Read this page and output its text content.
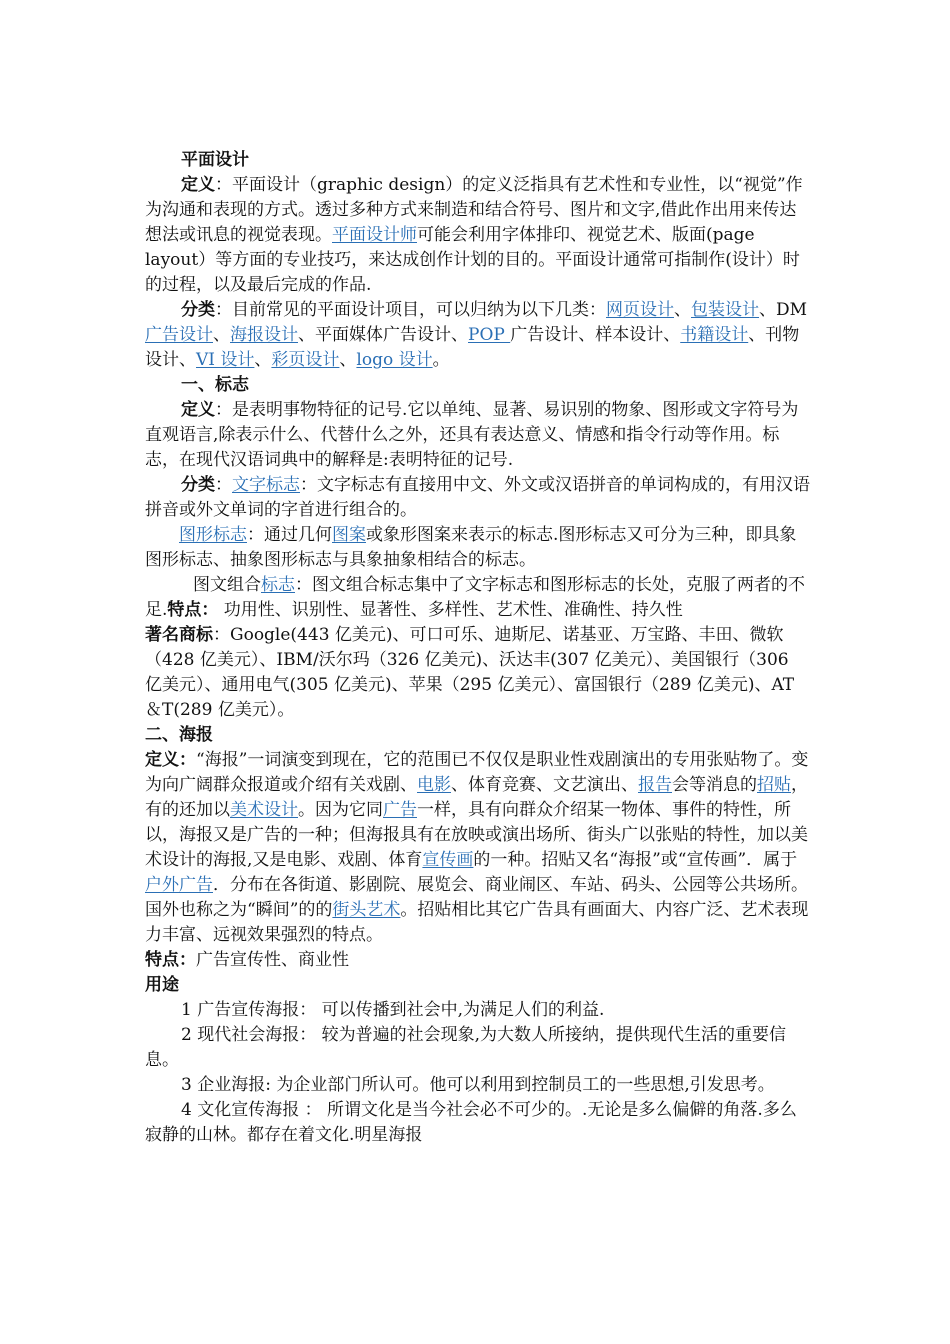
平面设计

定义：平面设计（graphic design）的定义泛指具有艺术性和专业性，以“视觉”作为沟通和表现的方式。透过多种方式来制造和结合符号、图片和文字,借此作出用来传达想法或讯息的视觉表现。平面设计师可能会利用字体排印、视觉艺术、版面(page layout）等方面的专业技巧，来达成创作计划的目的。平面设计通常可指制作(设计）时的过程，以及最后完成的作品.

分类：目前常见的平面设计项目，可以归纳为以下几类：网页设计、包装设计、DM 广告设计、海报设计、平面媒体广告设计、POP 广告设计、样本设计、书籍设计、刊物设计、VI 设计、彩页设计、logo 设计。

一、标志

定义：是表明事物特征的记号.它以单纯、显著、易识别的物象、图形或文字符号为直观语言,除表示什么、代替什么之外，还具有表达意义、情感和指令行动等作用。标志，在现代汉语词典中的解释是:表明特征的记号.

分类：文字标志：文字标志有直接用中文、外文或汉语拼音的单词构成的，有用汉语拼音或外文单词的字首进行组合的。

图形标志：通过几何图案或象形图案来表示的标志.图形标志又可分为三种，即具象图形标志、抽象图形标志与具象抽象相结合的标志。

图文组合标志：图文组合标志集中了文字标志和图形标志的长处，克服了两者的不足.特点： 功用性、识别性、显著性、多样性、艺术性、准确性、持久性

著名商标：Google(443 亿美元)、可口可乐、迪斯尼、诺基亚、万宝路、丰田、微软（428 亿美元）、IBM/沃尔玛（326 亿美元)、沃达丰(307 亿美元）、美国银行（306 亿美元）、通用电气(305 亿美元)、苹果（295 亿美元）、富国银行（289 亿美元)、AT＆T(289 亿美元）。

二、海报

定义：“海报”一词演变到现在，它的范围已不仅仅是职业性戏剧演出的专用张贴物了。变为向广阔群众报道或介绍有关戏剧、电影、体育竞赛、文艺演出、报告会等消息的招贴，有的还加以美术设计。因为它同广告一样，具有向群众介绍某一物体、事件的特性，所以，海报又是广告的一种；但海报具有在放映或演出场所、街头广以张贴的特性，加以美术设计的海报,又是电影、戏剧、体育宣传画的一种。招贴又名“海报”或“宣传画”．属于户外广告．分布在各街道、影剧院、展览会、商业闹区、车站、码头、公园等公共场所。国外也称之为“瞬间”的的街头艺术。招贴相比其它广告具有画面大、内容广泛、艺术表现力丰富、远视效果强烈的特点。

特点：广告宣传性、商业性

用途

1 广告宣传海报： 可以传播到社会中,为满足人们的利益.

2 现代社会海报： 较为普遍的社会现象,为大数人所接纳，提供现代生活的重要信息。

3 企业海报: 为企业部门所认可。他可以利用到控制员工的一些思想,引发思考。

4 文化宣传海报 ： 所谓文化是当今社会必不可少的。.无论是多么偏僻的角落.多么寂静的山林。都存在着文化.明星海报
